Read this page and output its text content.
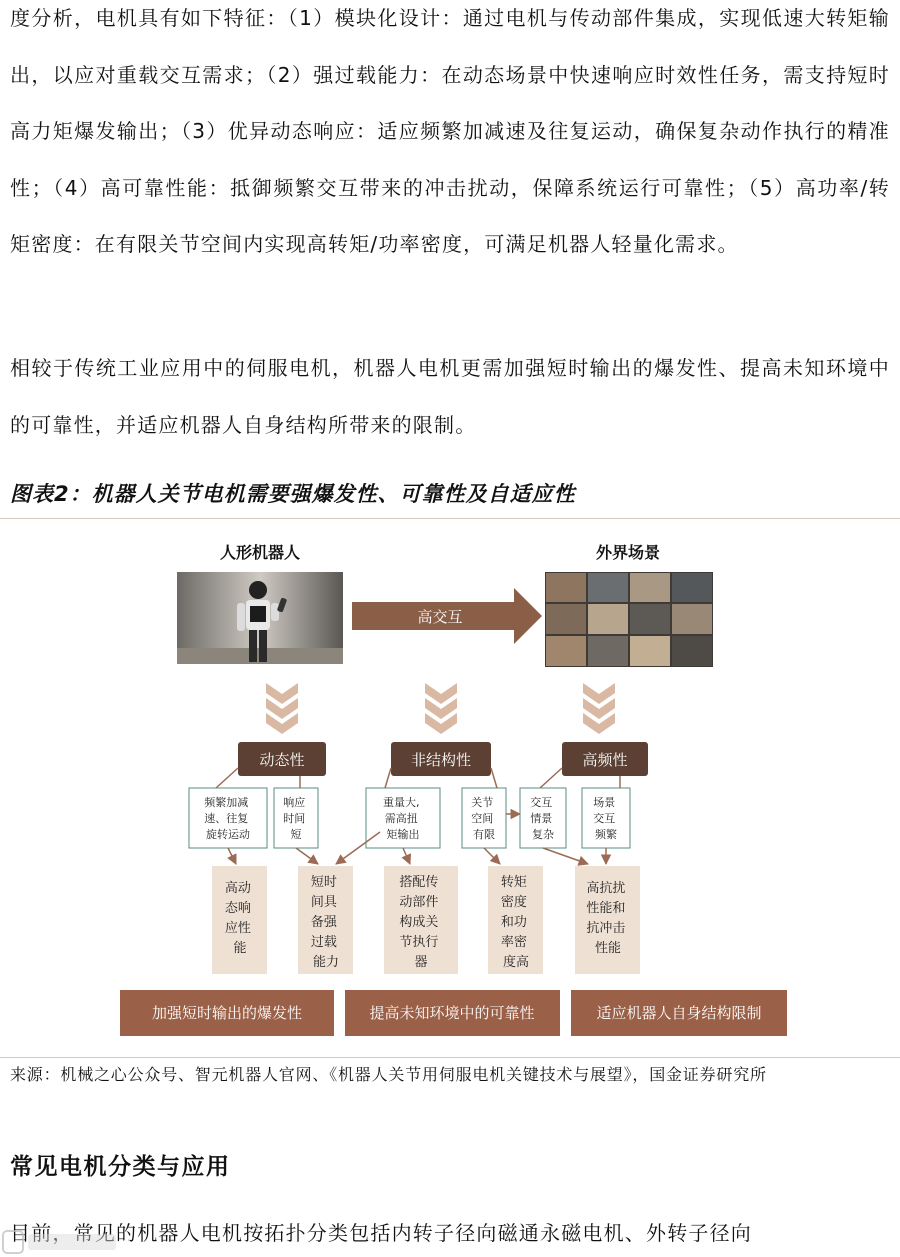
度分析，电机具有如下特征：（1）模块化设计：通过电机与传动部件集成，实现低速大转矩输出，以应对重载交互需求；（2）强过载能力：在动态场景中快速响应时效性任务，需支持短时高力矩爆发输出；（3）优异动态响应：适应频繁加减速及往复运动，确保复杂动作执行的精准性；（4）高可靠性能：抵御频繁交互带来的冲击扰动，保障系统运行可靠性；（5）高功率/转矩密度：在有限关节空间内实现高转矩/功率密度，可满足机器人轻量化需求。

相较于传统工业应用中的伺服电机，机器人电机更需加强短时输出的爆发性、提高未知环境中的可靠性，并适应机器人自身结构所带来的限制。

图表2：机器人关节电机需要强爆发性、可靠性及自适应性

人形机器人	外界场景
高交互
动态性	非结构性	高频性
频繁加减 速、往复 旋转运动
响应 时间 短
重量大, 需高扭 矩输出
关节 空间 有限
交互 情景 复杂
场景 交互 频繁
高动 态响 应性 能
短时 间具 备强 过载 能力
搭配传 动部件 构成关 节执行 器
转矩 密度 和功 率密 度高
高抗扰 性能和 抗冲击 性能
加强短时输出的爆发性	提高未知环境中的可靠性	适应机器人自身结构限制

来源：机械之心公众号、智元机器人官网、《机器人关节用伺服电机关键技术与展望》，国金证券研究所

常见电机分类与应用

目前，常见的机器人电机按拓扑分类包括内转子径向磁通永磁电机、外转子径向
